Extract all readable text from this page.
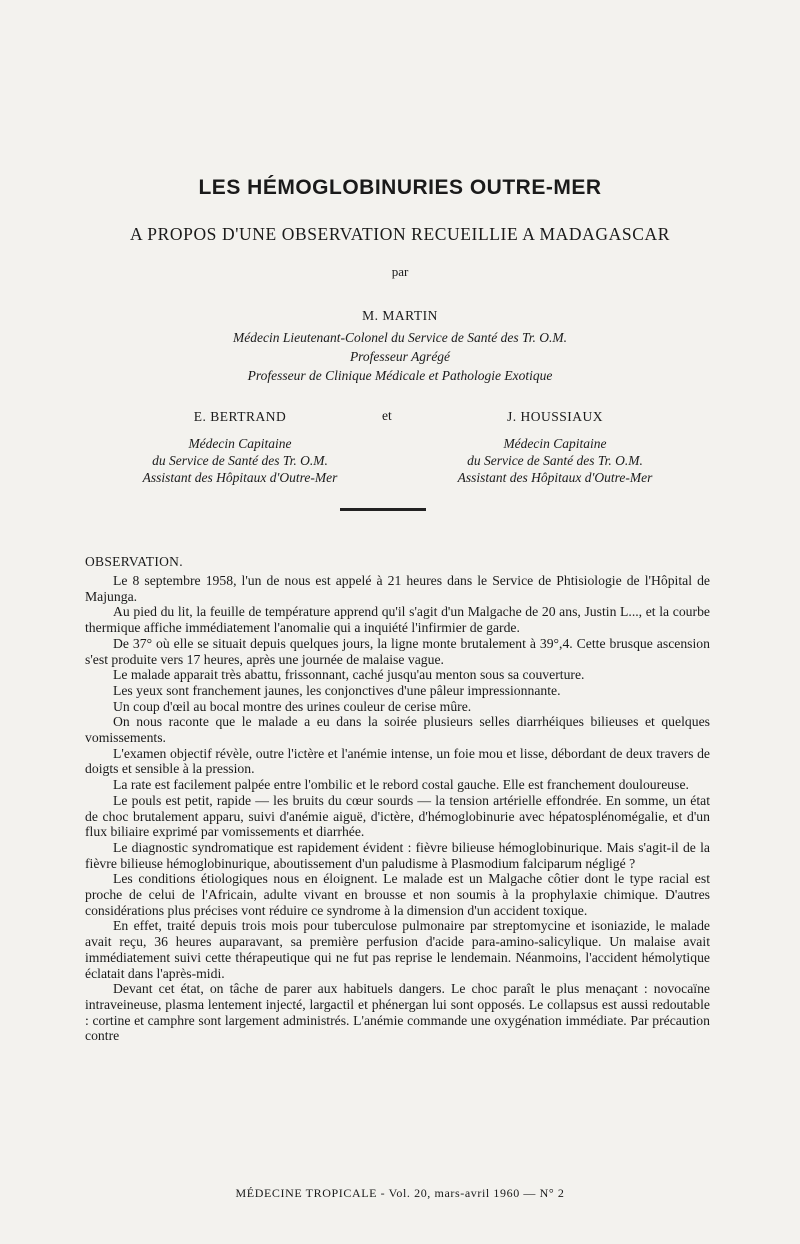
LES HÉMOGLOBINURIES OUTRE-MER
A PROPOS D'UNE OBSERVATION RECUEILLIE A MADAGASCAR
par
M. MARTIN
Médecin Lieutenant-Colonel du Service de Santé des Tr. O.M.
Professeur Agrégé
Professeur de Clinique Médicale et Pathologie Exotique
E. BERTRAND
Médecin Capitaine
du Service de Santé des Tr. O.M.
Assistant des Hôpitaux d'Outre-Mer
et	J. HOUSSIAUX
Médecin Capitaine
du Service de Santé des Tr. O.M.
Assistant des Hôpitaux d'Outre-Mer
OBSERVATION.

Le 8 septembre 1958, l'un de nous est appelé à 21 heures dans le Service de Phtisiologie de l'Hôpital de Majunga.

Au pied du lit, la feuille de température apprend qu'il s'agit d'un Malgache de 20 ans, Justin L..., et la courbe thermique affiche immédiatement l'anomalie qui a inquiété l'infirmier de garde.

De 37° où elle se situait depuis quelques jours, la ligne monte brutalement à 39°,4. Cette brusque ascension s'est produite vers 17 heures, après une journée de malaise vague.

Le malade apparait très abattu, frissonnant, caché jusqu'au menton sous sa couverture.

Les yeux sont franchement jaunes, les conjonctives d'une pâleur impressionnante.

Un coup d'œil au bocal montre des urines couleur de cerise mûre.

On nous raconte que le malade a eu dans la soirée plusieurs selles diarrhéiques bilieuses et quelques vomissements.

L'examen objectif révèle, outre l'ictère et l'anémie intense, un foie mou et lisse, débordant de deux travers de doigts et sensible à la pression.

La rate est facilement palpée entre l'ombilic et le rebord costal gauche. Elle est franchement douloureuse.

Le pouls est petit, rapide — les bruits du cœur sourds — la tension artérielle effondrée. En somme, un état de choc brutalement apparu, suivi d'anémie aiguë, d'ictère, d'hémoglobinurie avec hépatosplénomégalie, et d'un flux biliaire exprimé par vomissements et diarrhée.

Le diagnostic syndromatique est rapidement évident : fièvre bilieuse hémoglobinurique. Mais s'agit-il de la fièvre bilieuse hémoglobinurique, aboutissement d'un paludisme à Plasmodium falciparum négligé ?

Les conditions étiologiques nous en éloignent. Le malade est un Malgache côtier dont le type racial est proche de celui de l'Africain, adulte vivant en brousse et non soumis à la prophylaxie chimique. D'autres considérations plus précises vont réduire ce syndrome à la dimension d'un accident toxique.

En effet, traité depuis trois mois pour tuberculose pulmonaire par streptomycine et isoniazide, le malade avait reçu, 36 heures auparavant, sa première perfusion d'acide para-amino-salicylique. Un malaise avait immédiatement suivi cette thérapeutique qui ne fut pas reprise le lendemain. Néanmoins, l'accident hémolytique éclatait dans l'après-midi.

Devant cet état, on tâche de parer aux habituels dangers. Le choc paraît le plus menaçant : novocaïne intraveineuse, plasma lentement injecté, largactil et phénergan lui sont opposés. Le collapsus est aussi redoutable : cortine et camphre sont largement administrés. L'anémie commande une oxygénation immédiate. Par précaution contre

MÉDECINE TROPICALE - Vol. 20, mars-avril 1960 — N° 2
